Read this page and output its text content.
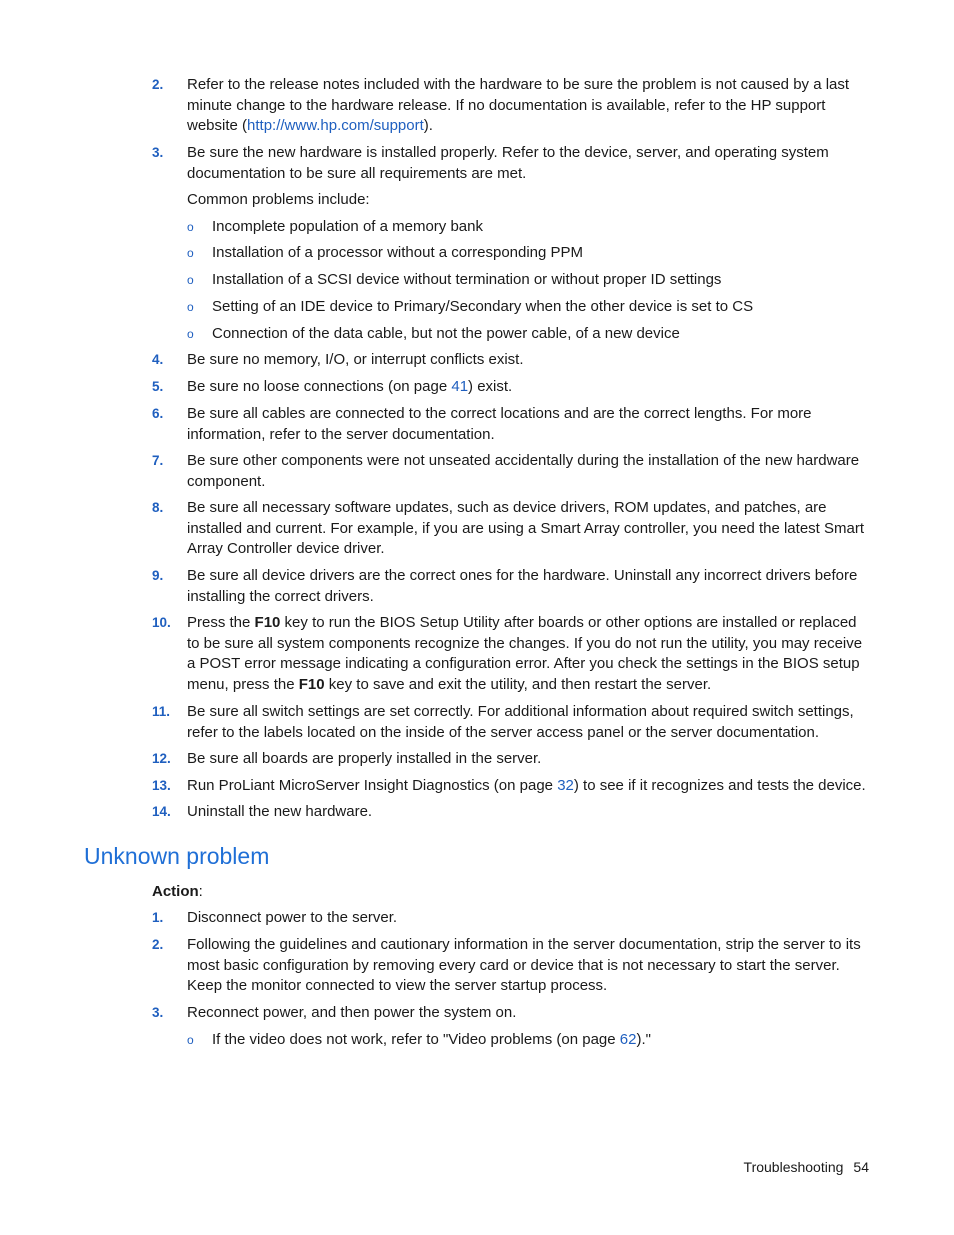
2. Refer to the release notes included with the hardware to be sure the problem is not caused by a last minute change to the hardware release. If no documentation is available, refer to the HP support website (http://www.hp.com/support).
3. Be sure the new hardware is installed properly. Refer to the device, server, and operating system documentation to be sure all requirements are met.
Common problems include:
o Incomplete population of a memory bank
o Installation of a processor without a corresponding PPM
o Installation of a SCSI device without termination or without proper ID settings
o Setting of an IDE device to Primary/Secondary when the other device is set to CS
o Connection of the data cable, but not the power cable, of a new device
4. Be sure no memory, I/O, or interrupt conflicts exist.
5. Be sure no loose connections (on page 41) exist.
6. Be sure all cables are connected to the correct locations and are the correct lengths. For more information, refer to the server documentation.
7. Be sure other components were not unseated accidentally during the installation of the new hardware component.
8. Be sure all necessary software updates, such as device drivers, ROM updates, and patches, are installed and current. For example, if you are using a Smart Array controller, you need the latest Smart Array Controller device driver.
9. Be sure all device drivers are the correct ones for the hardware. Uninstall any incorrect drivers before installing the correct drivers.
10. Press the F10 key to run the BIOS Setup Utility after boards or other options are installed or replaced to be sure all system components recognize the changes. If you do not run the utility, you may receive a POST error message indicating a configuration error. After you check the settings in the BIOS setup menu, press the F10 key to save and exit the utility, and then restart the server.
11. Be sure all switch settings are set correctly. For additional information about required switch settings, refer to the labels located on the inside of the server access panel or the server documentation.
12. Be sure all boards are properly installed in the server.
13. Run ProLiant MicroServer Insight Diagnostics (on page 32) to see if it recognizes and tests the device.
14. Uninstall the new hardware.
Unknown problem
Action:
1. Disconnect power to the server.
2. Following the guidelines and cautionary information in the server documentation, strip the server to its most basic configuration by removing every card or device that is not necessary to start the server. Keep the monitor connected to view the server startup process.
3. Reconnect power, and then power the system on.
o If the video does not work, refer to "Video problems (on page 62)."
Troubleshooting 54
